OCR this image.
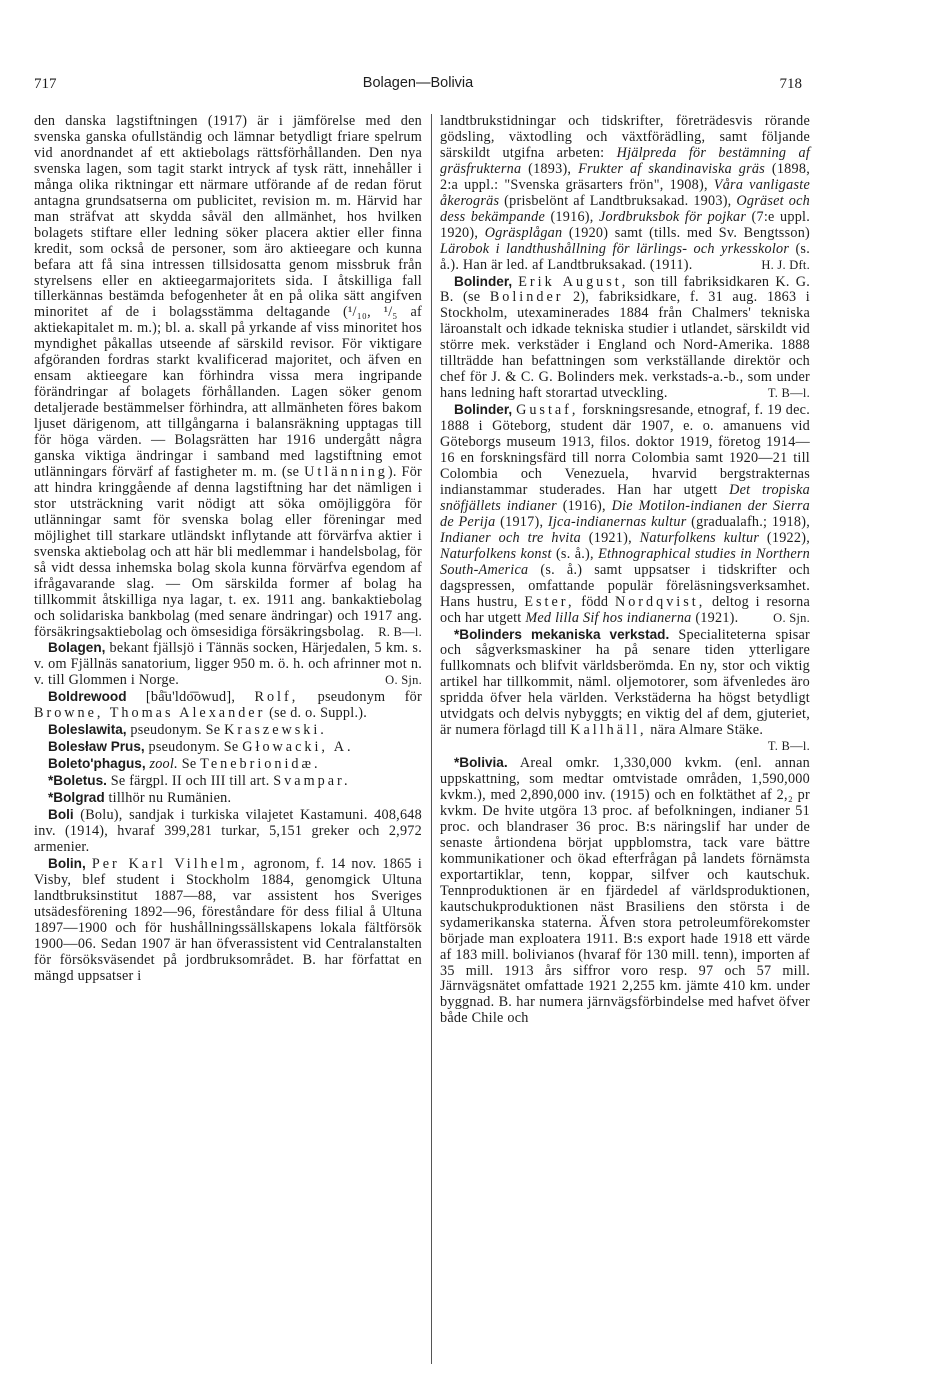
717	Bolagen—Bolivia	718

den danska lagstiftningen (1917) är i jämförelse med den svenska ganska ofullständig och lämnar betydligt friare spelrum vid anordnandet af ett aktiebolags rättsförhållanden. Den nya svenska lagen, som tagit starkt intryck af tysk rätt, innehåller i många olika riktningar ett närmare utförande af de redan förut antagna grundsatserna om publicitet, revision m. m. Härvid har man sträfvat att skydda såväl den allmänhet, hos hvilken bolagets stiftare eller ledning söker placera aktier eller finna kredit, som också de personer, som äro aktieegare och kunna befara att få sina intressen tillsidosatta genom missbruk från styrelsens eller en aktieegarmajoritets sida. I åtskilliga fall tillerkännas bestämda befogenheter åt en på olika sätt angifven minoritet af de i bolagsstämma deltagande (¹/₁₀, ¹/₅ af aktiekapitalet m. m.); bl. a. skall på yrkande af viss minoritet hos myndighet påkallas utseende af särskild revisor. För viktigare afgöranden fordras starkt kvalificerad majoritet, och äfven en ensam aktieegare kan förhindra vissa mera ingripande förändringar af bolagets förhållanden. Lagen söker genom detaljerade bestämmelser förhindra, att allmänheten föres bakom ljuset därigenom, att tillgångarna i balansräkning upptagas till för höga värden. — Bolagsrätten har 1916 undergått några ganska viktiga ändringar i samband med lagstiftning emot utlänningars förvärf af fastigheter m. m. (se Utlänning). För att hindra kringgående af denna lagstiftning har det nämligen i stor utsträckning varit nödigt att söka omöjliggöra för utlänningar samt för svenska bolag eller föreningar med möjlighet till starkare utländskt inflytande att förvärfva aktier i svenska aktiebolag och att här bli medlemmar i handelsbolag, för så vidt dessa inhemska bolag skola kunna förvärfva egendom af ifrågavarande slag. — Om särskilda former af bolag ha tillkommit åtskilliga nya lagar, t. ex. 1911 ang. bankaktiebolag och solidariska bankbolag (med senare ändringar) och 1917 ang. försäkringsaktiebolag och ömsesidiga försäkringsbolag. R. B—l.

Bolagen, bekant fjällsjö i Tännäs socken, Härjedalen, 5 km. s. v. om Fjällnäs sanatorium, ligger 950 m. ö. h. och afrinner mot n. v. till Glommen i Norge.	O. Sjn.

Boldrewood [bå̄u'ldo͞owud], Rolf, pseudonym för Browne, Thomas Alexander (se d. o. Suppl.).

Boleslawita, pseudonym. Se Kraszewski.

Bolesław Prus, pseudonym. Se Głowacki, A.

Boleto'phagus, zool. Se Tenebrionidæ.

*Boletus. Se färgpl. II och III till art. Svampar.

*Bolgrad tillhör nu Rumänien.

Boli (Bolu), sandjak i turkiska vilajetet Kastamuni. 408,648 inv. (1914), hvaraf 399,281 turkar, 5,151 greker och 2,972 armenier.

Bolin, Per Karl Vilhelm, agronom, f. 14 nov. 1865 i Visby, blef student i Stockholm 1884, genomgick Ultuna landtbruksinstitut 1887—88, var assistent hos Sveriges utsädesförening 1892—96, föreståndare för dess filial å Ultuna 1897—1900 och för hushållningssällskapens lokala fältförsök 1900—06. Sedan 1907 är han öfverassistent vid Centralanstalten för försöksväsendet på jordbruksområdet. B. har författat en mängd uppsatser i

landtbrukstidningar och tidskrifter, företrädesvis rörande gödsling, växtodling och växtförädling, samt följande särskildt utgifna arbeten: Hjälpreda för bestämning af gräsfrukterna (1893), Frukter af skandinaviska gräs (1898, 2:a uppl.: "Svenska gräsarters frön", 1908), Våra vanligaste åkerogräs (prisbelönt af Landtbruksakad. 1903), Ogräset och dess bekämpande (1916), Jordbruksbok för pojkar (7:e uppl. 1920), Ogräsplågan (1920) samt (tills. med Sv. Bengtsson) Lärobok i landthushållning för lärlings- och yrkesskolor (s. å.). Han är led. af Landtbruksakad. (1911).	H. J. Dft.

Bolinder, Erik August, son till fabriksidkaren K. G. B. (se Bolinder 2), fabriksidkare, f. 31 aug. 1863 i Stockholm, utexaminerades 1884 från Chalmers' tekniska läroanstalt och idkade tekniska studier i utlandet, särskildt vid större mek. verkstäder i England och Nord-Amerika. 1888 tillträdde han befattningen som verkställande direktör och chef för J. & C. G. Bolinders mek. verkstads-a.-b., som under hans ledning haft storartad utveckling.	T. B—l.

Bolinder, Gustaf, forskningsresande, etnograf, f. 19 dec. 1888 i Göteborg, student där 1907, e. o. amanuens vid Göteborgs museum 1913, filos. doktor 1919, företog 1914—16 en forskningsfärd till norra Colombia samt 1920—21 till Colombia och Venezuela, hvarvid bergstrakternas indianstammar studerades. Han har utgett Det tropiska snöfjällets indianer (1916), Die Motilon-indianen der Sierra de Perija (1917), Ijca-indianernas kultur (gradualafh.; 1918), Indianer och tre hvita (1921), Naturfolkens kultur (1922), Naturfolkens konst (s. å.), Ethnographical studies in Northern South-America (s. å.) samt uppsatser i tidskrifter och dagspressen, omfattande populär föreläsningsverksamhet. Hans hustru, Ester, född Nordqvist, deltog i resorna och har utgett Med lilla Sif hos indianerna (1921).	O. Sjn.

*Bolinders mekaniska verkstad. Specialiteterna spisar och sågverksmaskiner ha på senare tiden ytterligare fullkomnats och blifvit världsberömda. En ny, stor och viktig artikel har tillkommit, näml. oljemotorer, som äfvenledes äro spridda öfver hela världen. Verkstäderna ha högst betydligt utvidgats och delvis nybyggts; en viktig del af dem, gjuteriet, är numera förlagd till Kallhäll, nära Almare Stäke.
T. B—l.

*Bolivia. Areal omkr. 1,330,000 kvkm. (enl. annan uppskattning, som medtar omtvistade områden, 1,590,000 kvkm.), med 2,890,000 inv. (1915) och en folktäthet af 2,₂ pr kvkm. De hvite utgöra 13 proc. af befolkningen, indianer 51 proc. och blandraser 36 proc. B:s näringslif har under de senaste årtiondena börjat uppblomstra, tack vare bättre kommunikationer och ökad efterfrågan på landets förnämsta exportartiklar, tenn, koppar, silfver och kautschuk. Tennproduktionen är en fjärdedel af världsproduktionen, kautschukproduktionen näst Brasiliens den största i de sydamerikanska staterna. Äfven stora petroleumförekomster började man exploatera 1911. B:s export hade 1918 ett värde af 183 mill. bolivianos (hvaraf för 130 mill. tenn), importen af 35 mill. 1913 års siffror voro resp. 97 och 57 mill. Järnvägsnätet omfattade 1921 2,255 km. jämte 410 km. under byggnad. B. har numera järnvägsförbindelse med hafvet öfver både Chile och
